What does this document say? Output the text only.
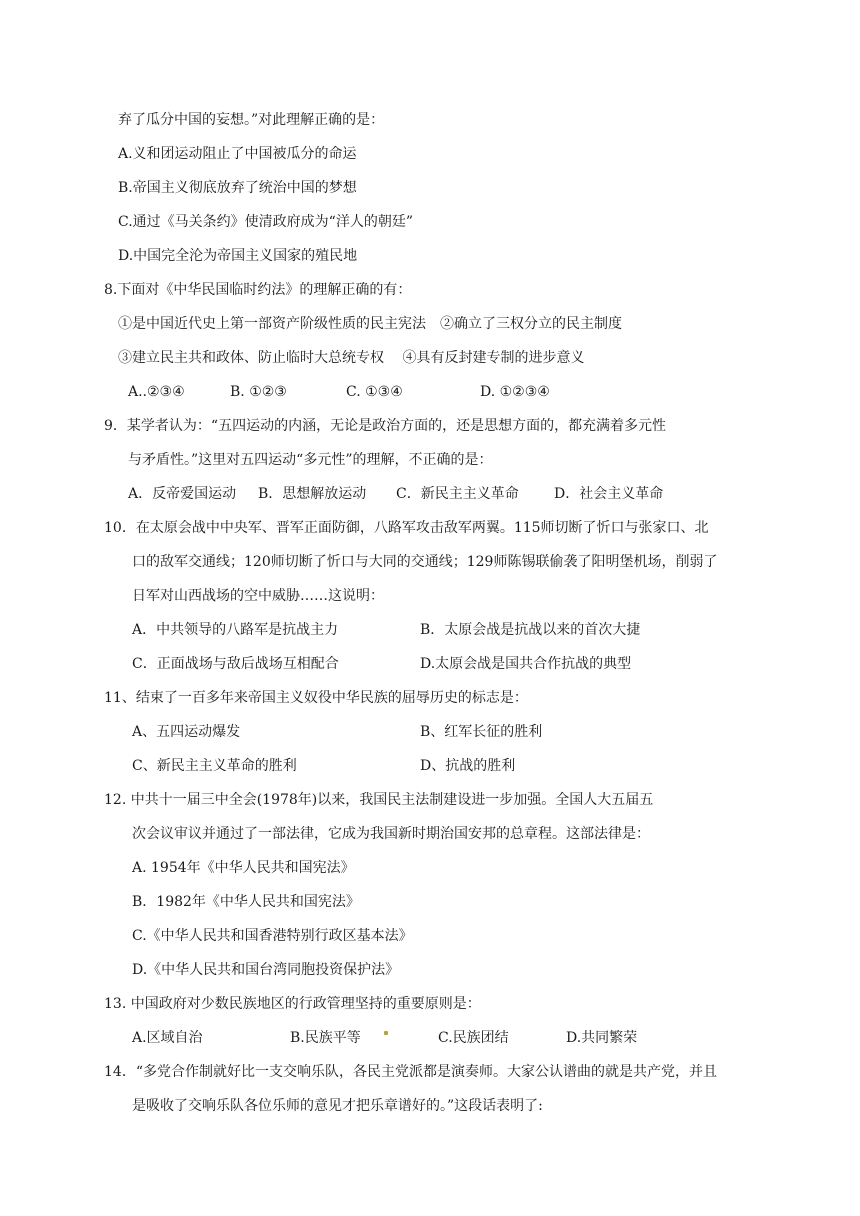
弃了瓜分中国的妄想。”对此理解正确的是：
A.义和团运动阻止了中国被瓜分的命运
B.帝国主义彻底放弃了统治中国的梦想
C.通过《马关条约》使清政府成为“洋人的朝廷”
D.中国完全沦为帝国主义国家的殖民地
8.下面对《中华民国临时约法》的理解正确的有：
①是中国近代史上第一部资产阶级性质的民主宪法　②确立了三权分立的民主制度
③建立民主共和政体、防止临时大总统专权　 ④具有反封建专制的进步意义
A..②③④	B. ①②③	C. ①③④	D. ①②③④
9．某学者认为：“五四运动的内涵，无论是政治方面的，还是思想方面的，都充满着多元性
与矛盾性。”这里对五四运动“多元性”的理解，不正确的是：
A．反帝爱国运动 B．思想解放运动 C．新民主主义革命	D．社会主义革命
10．在太原会战中中央军、晋军正面防御，八路军攻击敌军两翼。115师切断了忻口与张家口、北
口的敌军交通线；120师切断了忻口与大同的交通线；129师陈锡联偷袭了阳明堡机场，削弱了
日军对山西战场的空中威胁……这说明：
A．中共领导的八路军是抗战主力	B．太原会战是抗战以来的首次大捷
C．正面战场与敌后战场互相配合	D.太原会战是国共合作抗战的典型
11、结束了一百多年来帝国主义奴役中华民族的屈辱历史的标志是：
A、五四运动爆发	B、红军长征的胜利
C、新民主主义革命的胜利	D、抗战的胜利
12. 中共十一届三中全会(1978年)以来，我国民主法制建设进一步加强。全国人大五届五
次会议审议并通过了一部法律，它成为我国新时期治国安邦的总章程。这部法律是：
A. 1954年《中华人民共和国宪法》
B．1982年《中华人民共和国宪法》
C.《中华人民共和国香港特别行政区基本法》
D.《中华人民共和国台湾同胞投资保护法》
13. 中国政府对少数民族地区的行政管理坚持的重要原则是：
A.区域自治	B.民族平等	C.民族团结	D.共同繁荣
14．“多党合作制就好比一支交响乐队，各民主党派都是演奏师。大家公认谱曲的就是共产党，并且
是吸收了交响乐队各位乐师的意见才把乐章谱好的。”这段话表明了:
